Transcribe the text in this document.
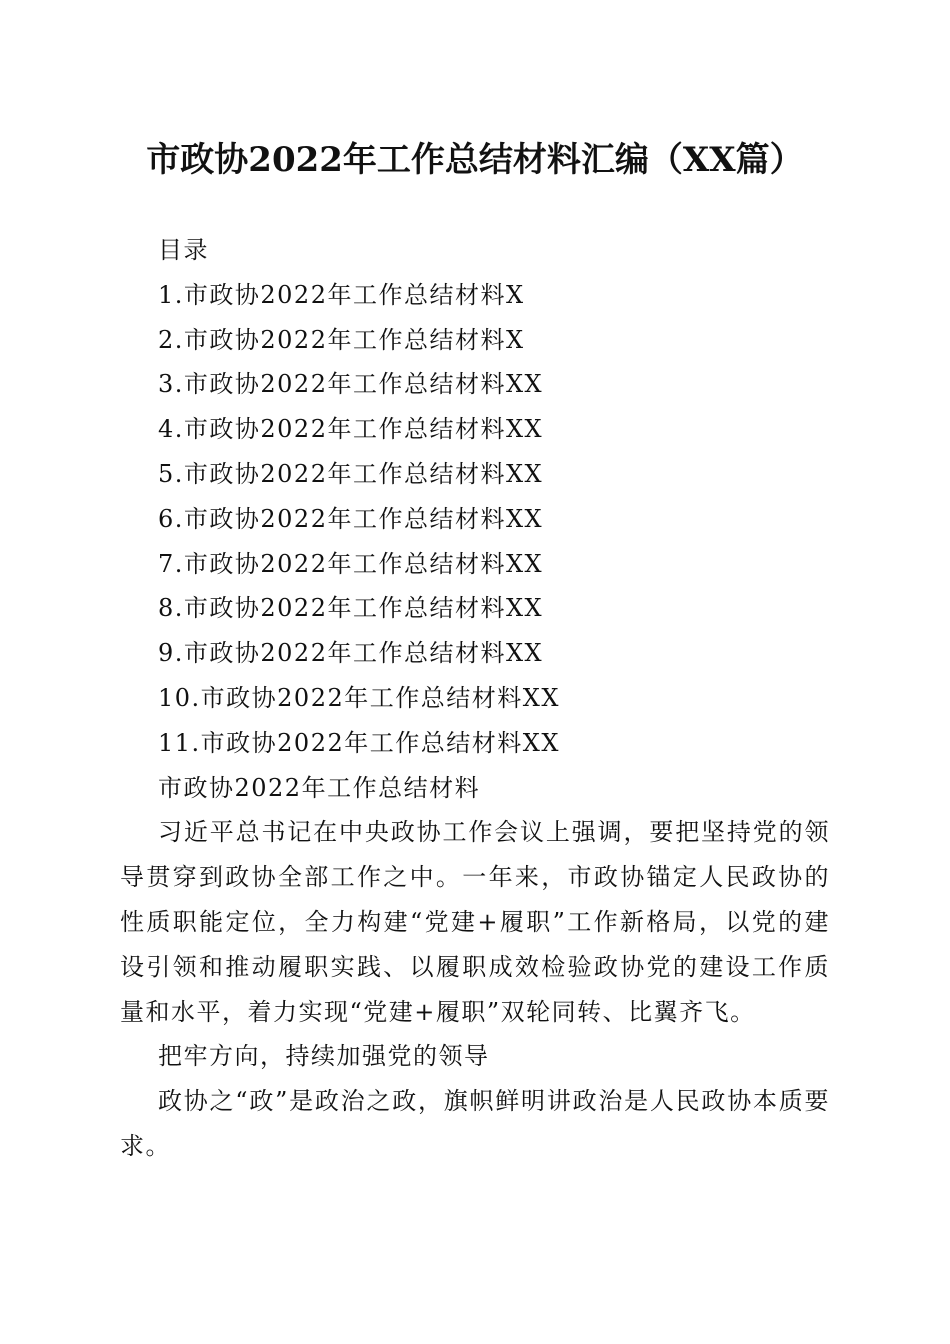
市政协2022年工作总结材料汇编（XX篇）
目录
1.市政协2022年工作总结材料X
2.市政协2022年工作总结材料X
3.市政协2022年工作总结材料XX
4.市政协2022年工作总结材料XX
5.市政协2022年工作总结材料XX
6.市政协2022年工作总结材料XX
7.市政协2022年工作总结材料XX
8.市政协2022年工作总结材料XX
9.市政协2022年工作总结材料XX
10.市政协2022年工作总结材料XX
11.市政协2022年工作总结材料XX
市政协2022年工作总结材料
习近平总书记在中央政协工作会议上强调，要把坚持党的领导贯穿到政协全部工作之中。一年来，市政协锚定人民政协的性质职能定位，全力构建“党建+履职”工作新格局，以党的建设引领和推动履职实践、以履职成效检验政协党的建设工作质量和水平，着力实现“党建+履职”双轮同转、比翼齐飞。
把牢方向，持续加强党的领导
政协之“政”是政治之政，旗帜鲜明讲政治是人民政协本质要求。
